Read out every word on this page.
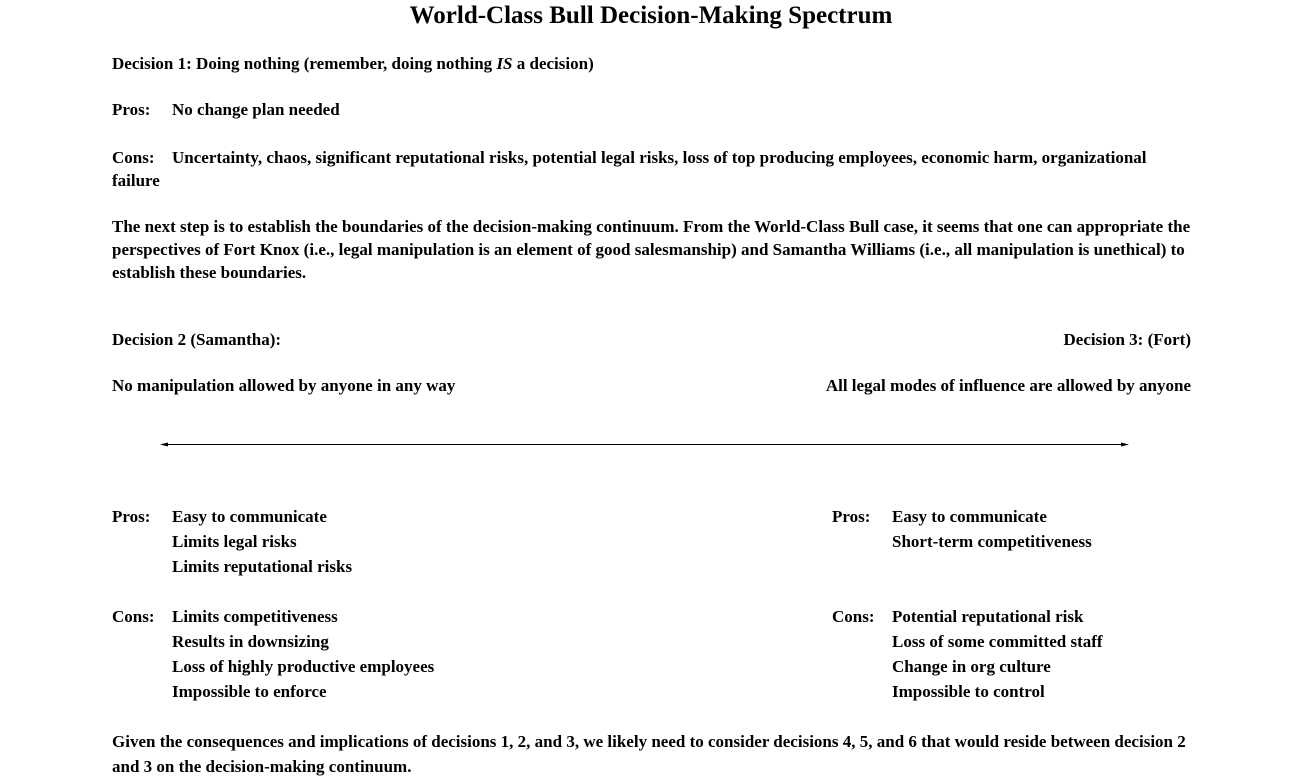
World-Class Bull Decision-Making Spectrum
Decision 1: Doing nothing (remember, doing nothing IS a decision)
Pros: No change plan needed
Cons: Uncertainty, chaos, significant reputational risks, potential legal risks, loss of top producing employees, economic harm, organizational failure
The next step is to establish the boundaries of the decision-making continuum. From the World-Class Bull case, it seems that one can appropriate the perspectives of Fort Knox (i.e., legal manipulation is an element of good salesmanship) and Samantha Williams (i.e., all manipulation is unethical) to establish these boundaries.
Decision 2 (Samantha):	Decision 3: (Fort)
No manipulation allowed by anyone in any way	All legal modes of influence are allowed by anyone
Pros: Easy to communicate
Limits legal risks
Limits reputational risks
Cons: Limits competitiveness
Results in downsizing
Loss of highly productive employees
Impossible to enforce
Pros: Easy to communicate
Short-term competitiveness
Cons: Potential reputational risk
Loss of some committed staff
Change in org culture
Impossible to control
Given the consequences and implications of decisions 1, 2, and 3, we likely need to consider decisions 4, 5, and 6 that would reside between decision 2 and 3 on the decision-making continuum.
